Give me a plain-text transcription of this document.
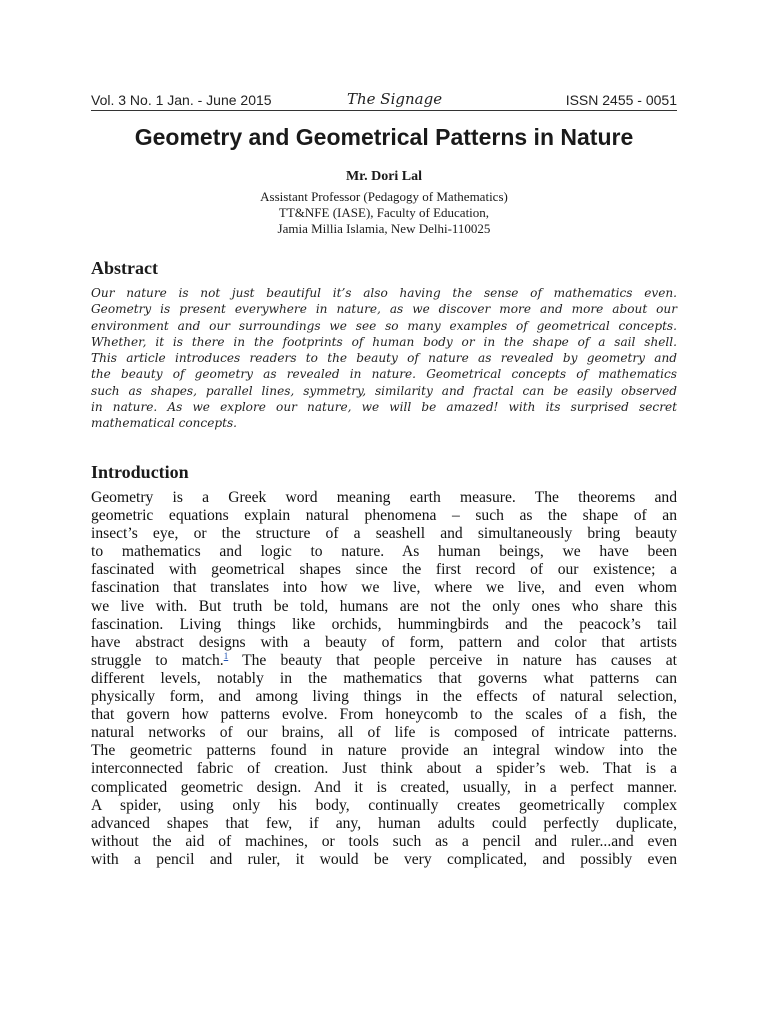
Vol. 3 No. 1 Jan. - June 2015	The Signage	ISSN 2455 - 0051
Geometry and Geometrical Patterns in Nature
Mr. Dori Lal
Assistant Professor (Pedagogy of Mathematics)
TT&NFE (IASE), Faculty of Education,
Jamia Millia Islamia, New Delhi-110025
Abstract

Our nature is not just beautiful it’s also having the sense of mathematics even.
Geometry is present everywhere in nature, as we discover more and more about our
environment and our surroundings we see so many examples of geometrical concepts.
Whether, it is there in the footprints of human body or in the shape of a sail shell.
This article introduces readers to the beauty of nature as revealed by geometry and
the beauty of geometry as revealed in nature. Geometrical concepts of mathematics
such as shapes, parallel lines, symmetry, similarity and fractal can be easily observed
in nature. As we explore our nature, we will be amazed! with its surprised secret
mathematical concepts.

Introduction

Geometry is a Greek word meaning earth measure. The theorems and
geometric equations explain natural phenomena – such as the shape of an
insect’s eye, or the structure of a seashell and simultaneously bring beauty
to mathematics and logic to nature. As human beings, we have been
fascinated with geometrical shapes since the first record of our existence; a
fascination that translates into how we live, where we live, and even whom
we live with. But truth be told, humans are not the only ones who share this
fascination. Living things like orchids, hummingbirds and the peacock’s tail
have abstract designs with a beauty of form, pattern and color that artists
struggle to match.$^1$ The beauty that people perceive in nature has causes at
different levels, notably in the mathematics that governs what patterns can
physically form, and among living things in the effects of natural selection,
that govern how patterns evolve. From honeycomb to the scales of a fish, the
natural networks of our brains, all of life is composed of intricate patterns.
The geometric patterns found in nature provide an integral window into the
interconnected fabric of creation. Just think about a spider’s web. That is a
complicated geometric design. And it is created, usually, in a perfect manner.
A spider, using only his body, continually creates geometrically complex
advanced shapes that few, if any, human adults could perfectly duplicate,
without the aid of machines, or tools such as a pencil and ruler...and even
with a pencil and ruler, it would be very complicated, and possibly even
